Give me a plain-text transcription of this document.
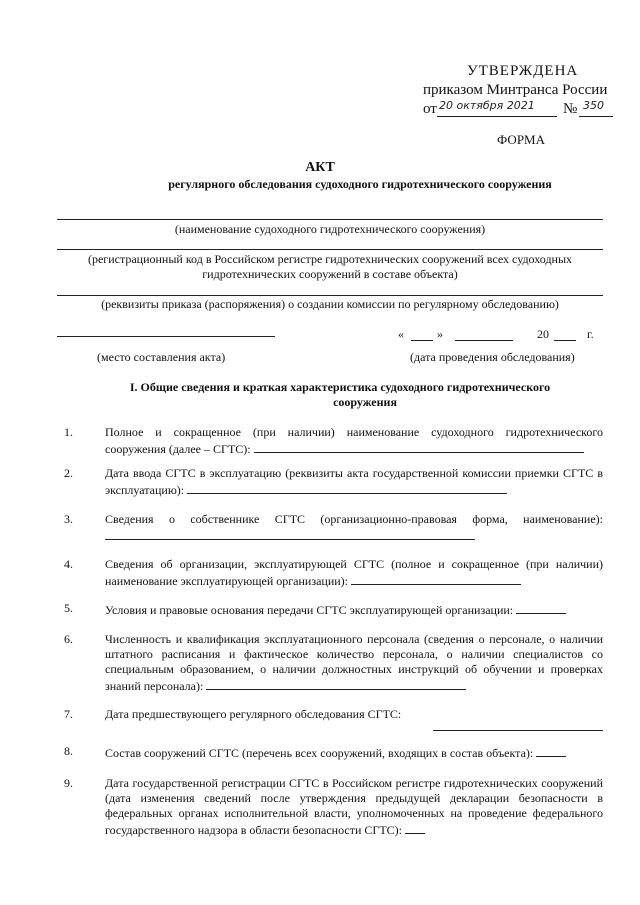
УТВЕРЖДЕНА
приказом Минтранса России
от 20 октября 2021 № 350
ФОРМА
АКТ
регулярного обследования судоходного гидротехнического сооружения
(наименование судоходного гидротехнического сооружения)
(регистрационный код в Российском регистре гидротехнических сооружений всех судоходных
гидротехнических сооружений в составе объекта)
(реквизиты приказа (распоряжения) о создании комиссии по регулярному обследованию)
«	»	20	г.
(место составления акта)	(дата проведения обследования)
I. Общие сведения и краткая характеристика судоходного гидротехнического
сооружения
1.	Полное и сокращенное (при наличии) наименование судоходного гидротехнического сооружения (далее – СГТС):
2.	Дата ввода СГТС в эксплуатацию (реквизиты акта государственной комиссии приемки СГТС в эксплуатацию):
3.	Сведения о собственнике СГТС (организационно-правовая форма, наименование):
4.	Сведения об организации, эксплуатирующей СГТС (полное и сокращенное (при наличии) наименование эксплуатирующей организации):
5.	Условия и правовые основания передачи СГТС эксплуатирующей организации:
6.	Численность и квалификация эксплуатационного персонала (сведения о персонале, о наличии штатного расписания и фактическое количество персонала, о наличии специалистов со специальным образованием, о наличии должностных инструкций об обучении и проверках знаний персонала):
7.	Дата предшествующего регулярного обследования СГТС:
8.	Состав сооружений СГТС (перечень всех сооружений, входящих в состав объекта):
9.	Дата государственной регистрации СГТС в Российском регистре гидротехнических сооружений (дата изменения сведений после утверждения предыдущей декларации безопасности в федеральных органах исполнительной власти, уполномоченных на проведение федерального государственного надзора в области безопасности СГТС):
